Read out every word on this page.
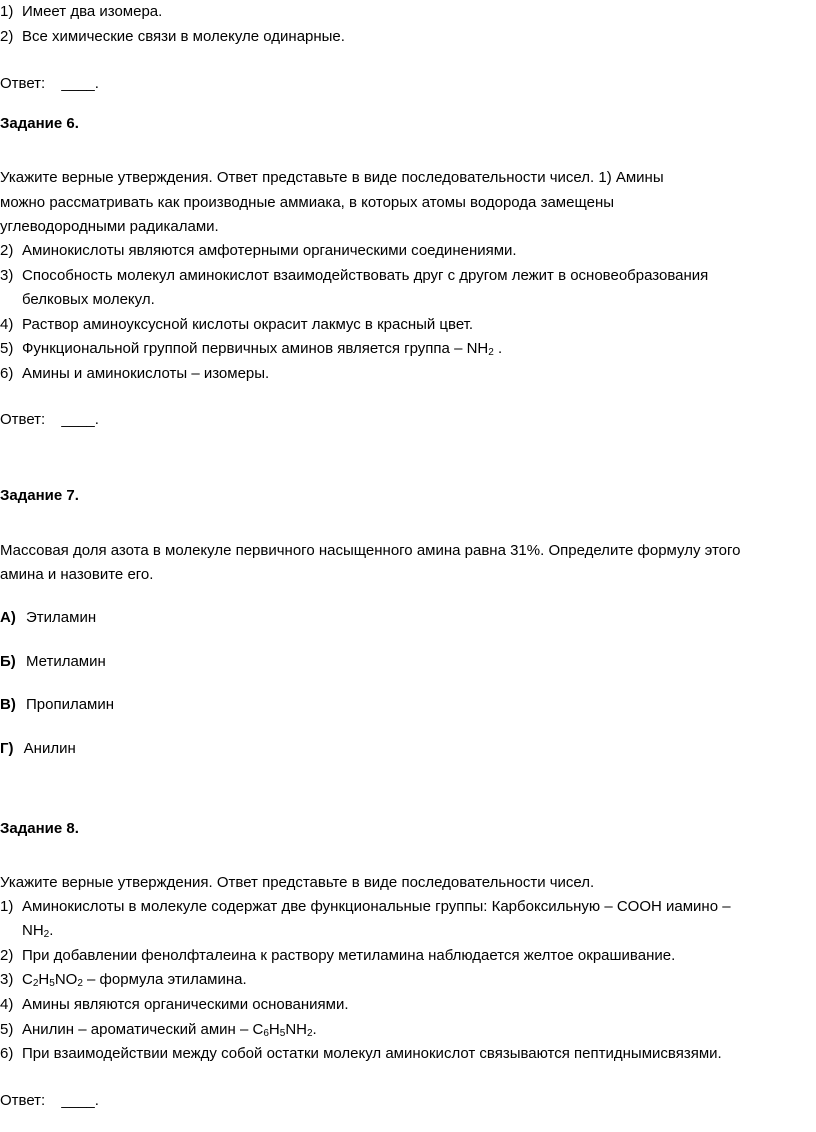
1) Имеет два изомера.
2) Все химические связи в молекуле одинарные.
Ответ: ____.
Задание 6.
Укажите верные утверждения. Ответ представьте в виде последовательности чисел. 1) Амины
можно рассматривать как производные аммиака, в которых атомы водорода замещены
углеводородными радикалами.
2) Аминокислоты являются амфотерными органическими соединениями.
3) Способность молекул аминокислот взаимодействовать друг с другом лежит в основеобразования
белковых молекул.
4) Раствор аминоуксусной кислоты окрасит лакмус в красный цвет.
5) Функциональной группой первичных аминов является группа – $NH_2$ .
6) Амины и аминокислоты – изомеры.
Ответ: ____.
Задание 7.
Массовая доля азота в молекуле первичного насыщенного амина равна 31%. Определите формулу этого
амина и назовите его.
А) Этиламин
Б) Метиламин
В) Пропиламин
Г) Анилин
Задание 8.
Укажите верные утверждения. Ответ представьте в виде последовательности чисел.
1) Аминокислоты в молекуле содержат две функциональные группы: Карбоксильную – COOH иамино –
$NH_2$.
2) При добавлении фенолфталеина к раствору метиламина наблюдается желтое окрашивание.
3) $C_2H_5NO_2$ – формула этиламина.
4) Амины являются органическими основаниями.
5) Анилин – ароматический амин – $C_6H_5NH_2$.
6) При взаимодействии между собой остатки молекул аминокислот связываются пептиднымисвязями.
Ответ: ____.
